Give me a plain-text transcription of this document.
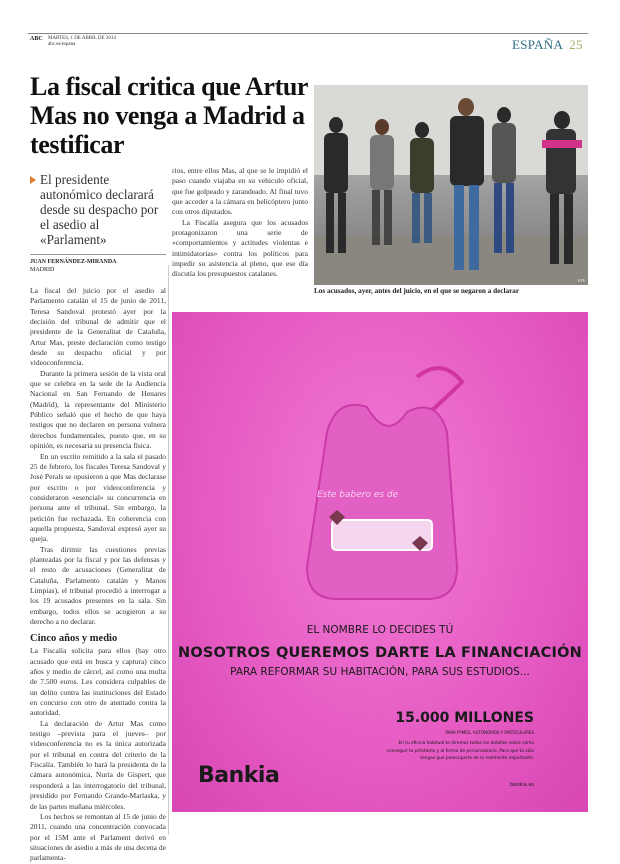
ABC MARTES, 1 DE ABRIL DE 2014
abc.es/espana	ESPAÑA 25
La fiscal critica que Artur Mas no venga a Madrid a testificar

El presidente autonómico declarará desde su despacho por el asedio al «Parlament»

JUAN FERNÁNDEZ-MIRANDA
MADRID

La fiscal del juicio por el asedio al Parlamento catalán el 15 de junio de 2011, Teresa Sandoval protestó ayer por la decisión del tribunal de admitir que el presidente de la Generalitat de Cataluña, Artur Mas, preste declaración como testigo desde su despacho oficial y por videoconferencia.

Durante la primera sesión de la vista oral que se celebra en la sede de la Audiencia Nacional en San Fernando de Henares (Madrid), la representante del Ministerio Público señaló que el hecho de que haya testigos que no declaren en persona vulnera derechos fundamentales, puesto que, en su opinión, es necesaria su presencia física.

En un escrito remitido a la sala el pasado 25 de febrero, los fiscales Teresa Sandoval y José Perals se opusieron a que Mas declarase por escrito o por videoconferencia y consideraron «esencial» su concurrencia en persona ante el tribunal. Sin embargo, la petición fue rechazada. En coherencia con aquella propuesta, Sandoval expresó ayer su queja.

Tras dirimir las cuestiones previas planteadas por la fiscal y por las defensas y el resto de acusaciones (Generalitat de Cataluña, Parlamento catalán y Manos Limpias), el tribunal procedió a interrogar a los 19 acusados presentes en la sala. Sin embargo, todos ellos se acogieron a su derecho a no declarar.

Cinco años y medio

La Fiscalía solicita para ellos (hay otro acusado que está en busca y captura) cinco años y medio de cárcel, así como una multa de 7.500 euros. Les considera culpables de un delito contra las instituciones del Estado en concurso con otro de atentado contra la autoridad.

La declaración de Artur Mas como testigo –prevista para el jueves– por videoconferencia no es la única autorizada por el tribunal en contra del criterio de la Fiscalía. También lo hará la presidenta de la cámara autonómica, Nuria de Gispert, que responderá a las interrogatorio del tribunal, presidido por Fernando Grande-Marlaska, y de las partes mañana miércoles.

Los hechos se remontan al 15 de junio de 2011, cuando una concentración convocada por el 15M ante el Parlament derivó en situaciones de asedio a más de una decena de parlamenta-

rios, entre ellos Mas, al que se le impidió el paso cuando viajaba en su vehículo oficial, que fue golpeado y zarandeado. Al final tuvo que acceder a la cámara en helicóptero junto con otros diputados.

La Fiscalía asegura que los acusados protagonizaron una serie de «comportamientos y actitudes violentas e intimidatorias» contra los políticos para impedir su asistencia al pleno, que ese día discutía los presupuestos catalanes.

EFE
Los acusados, ayer, antes del juicio, en el que se negaron a declarar
Este babero es de
EL NOMBRE LO DECIDES TÚ
NOSOTROS QUEREMOS DARTE LA FINANCIACIÓN
PARA REFORMAR SU HABITACIÓN, PARA SUS ESTUDIOS...
15.000 MILLONES
PARA PYMES, AUTÓNOMOS Y PARTICULARES
En tu oficina habitual te diremos todos los detalles sobre cómo conseguir tu préstamo y la forma de personalizarlo. Para que tú sólo tengas que preocuparte de lo realmente importante.
bankia.es
Bankia
